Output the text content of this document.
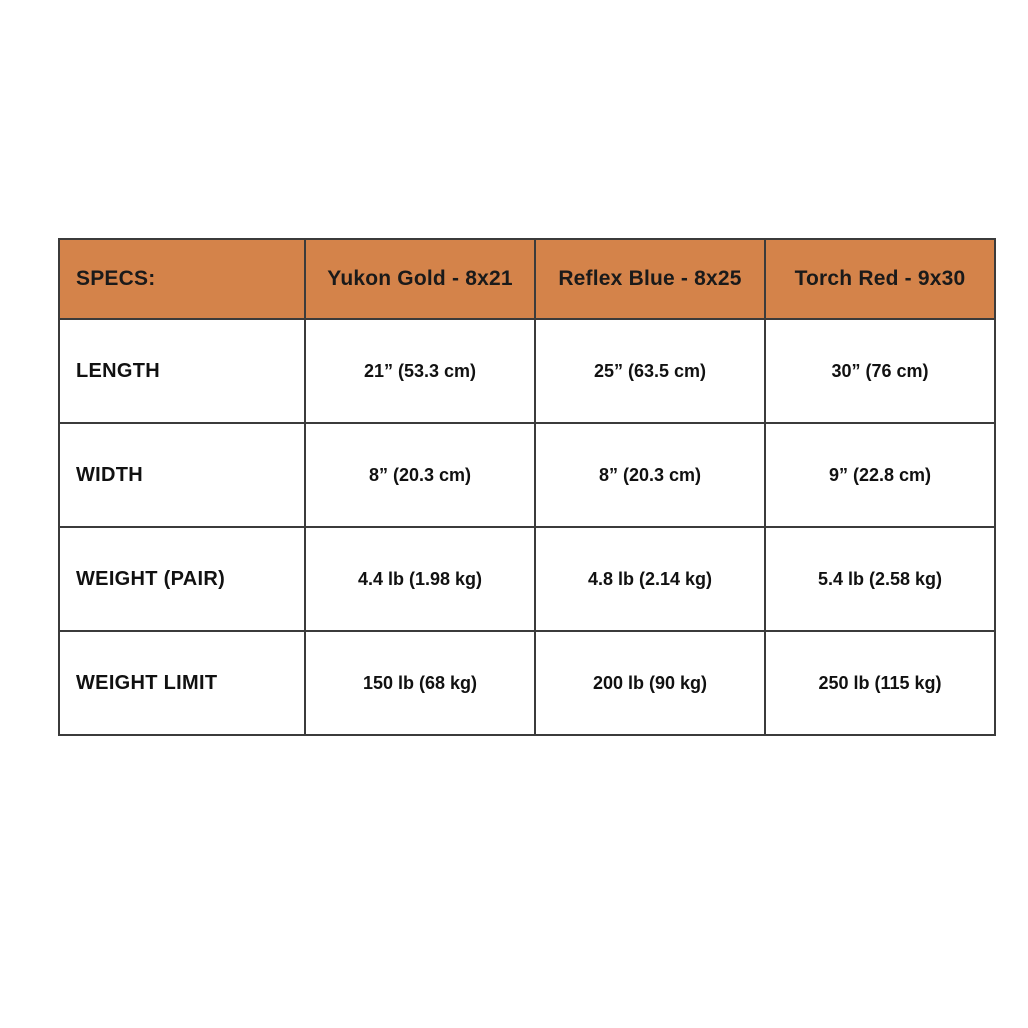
SPECS:	Yukon Gold - 8x21	Reflex Blue - 8x25	Torch Red - 9x30
LENGTH	21” (53.3 cm)	25” (63.5 cm)	30” (76 cm)
WIDTH	8” (20.3 cm)	8” (20.3 cm)	9” (22.8 cm)
WEIGHT (PAIR)	4.4 lb (1.98 kg)	4.8 lb (2.14 kg)	5.4 lb (2.58 kg)
WEIGHT LIMIT	150 lb (68 kg)	200 lb (90 kg)	250 lb (115 kg)
